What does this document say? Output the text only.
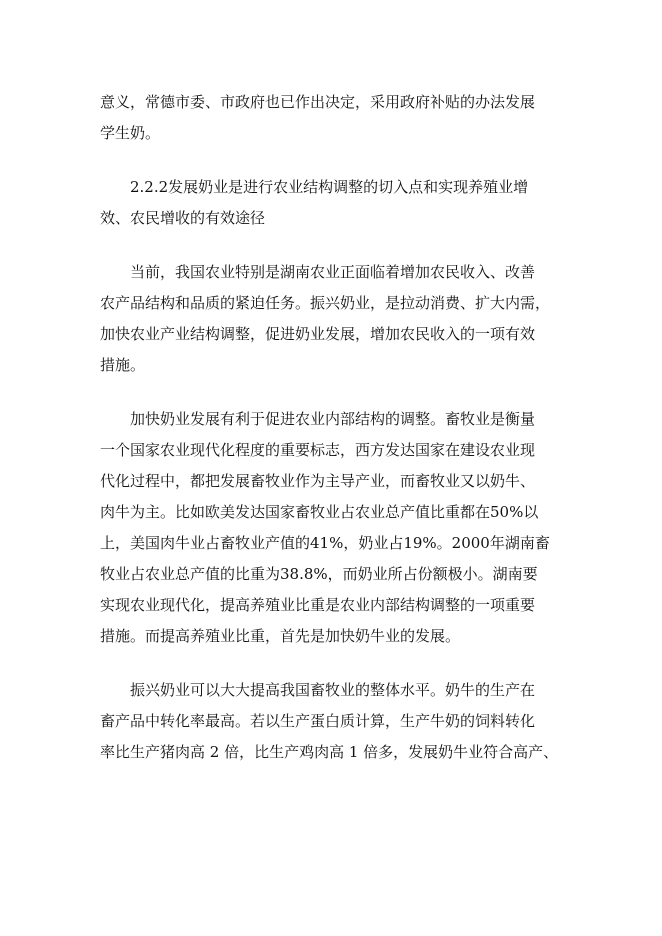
意义，常德市委、市政府也已作出决定，采用政府补贴的办法发展
学生奶。
2.2.2发展奶业是进行农业结构调整的切入点和实现养殖业增
效、农民增收的有效途径
当前，我国农业特别是湖南农业正面临着增加农民收入、改善
农产品结构和品质的紧迫任务。振兴奶业，是拉动消费、扩大内需，
加快农业产业结构调整，促进奶业发展，增加农民收入的一项有效
措施。
加快奶业发展有利于促进农业内部结构的调整。畜牧业是衡量
一个国家农业现代化程度的重要标志，西方发达国家在建设农业现
代化过程中，都把发展畜牧业作为主导产业，而畜牧业又以奶牛、
肉牛为主。比如欧美发达国家畜牧业占农业总产值比重都在50%以
上，美国肉牛业占畜牧业产值的41%，奶业占19%。2000年湖南畜
牧业占农业总产值的比重为38.8%，而奶业所占份额极小。湖南要
实现农业现代化，提高养殖业比重是农业内部结构调整的一项重要
措施。而提高养殖业比重，首先是加快奶牛业的发展。
振兴奶业可以大大提高我国畜牧业的整体水平。奶牛的生产在
畜产品中转化率最高。若以生产蛋白质计算，生产牛奶的饲料转化
率比生产猪肉高 2 倍，比生产鸡肉高 1 倍多，发展奶牛业符合高产、
